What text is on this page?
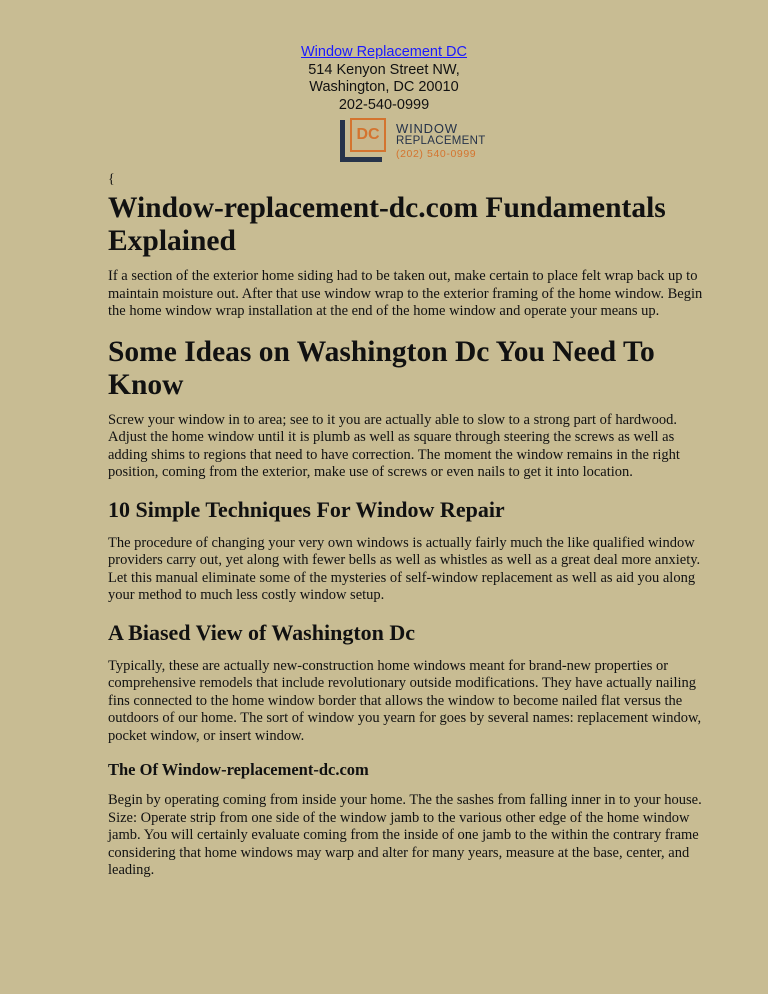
Window Replacement DC
514 Kenyon Street NW,
Washington, DC 20010
202-540-0999
DC	WINDOW
REPLACEMENT
(202) 540-0999
{
Window-replacement-dc.com Fundamentals Explained

If a section of the exterior home siding had to be taken out, make certain to place felt wrap back up to maintain moisture out. After that use window wrap to the exterior framing of the home window. Begin the home window wrap installation at the end of the home window and operate your means up.

Some Ideas on Washington Dc You Need To Know

Screw your window in to area; see to it you are actually able to slow to a strong part of hardwood. Adjust the home window until it is plumb as well as square through steering the screws as well as adding shims to regions that need to have correction. The moment the window remains in the right position, coming from the exterior, make use of screws or even nails to get it into location.

10 Simple Techniques For Window Repair

The procedure of changing your very own windows is actually fairly much the like qualified window providers carry out, yet along with fewer bells as well as whistles as well as a great deal more anxiety. Let this manual eliminate some of the mysteries of self-window replacement as well as aid you along your method to much less costly window setup.

A Biased View of Washington Dc

Typically, these are actually new-construction home windows meant for brand-new properties or comprehensive remodels that include revolutionary outside modifications. They have actually nailing fins connected to the home window border that allows the window to become nailed flat versus the outdoors of our home. The sort of window you yearn for goes by several names: replacement window, pocket window, or insert window.

The Of Window-replacement-dc.com

Begin by operating coming from inside your home. The the sashes from falling inner in to your house. Size: Operate strip from one side of the window jamb to the various other edge of the home window jamb. You will certainly evaluate coming from the inside of one jamb to the within the contrary frame considering that home windows may warp and alter for many years, measure at the base, center, and leading.
